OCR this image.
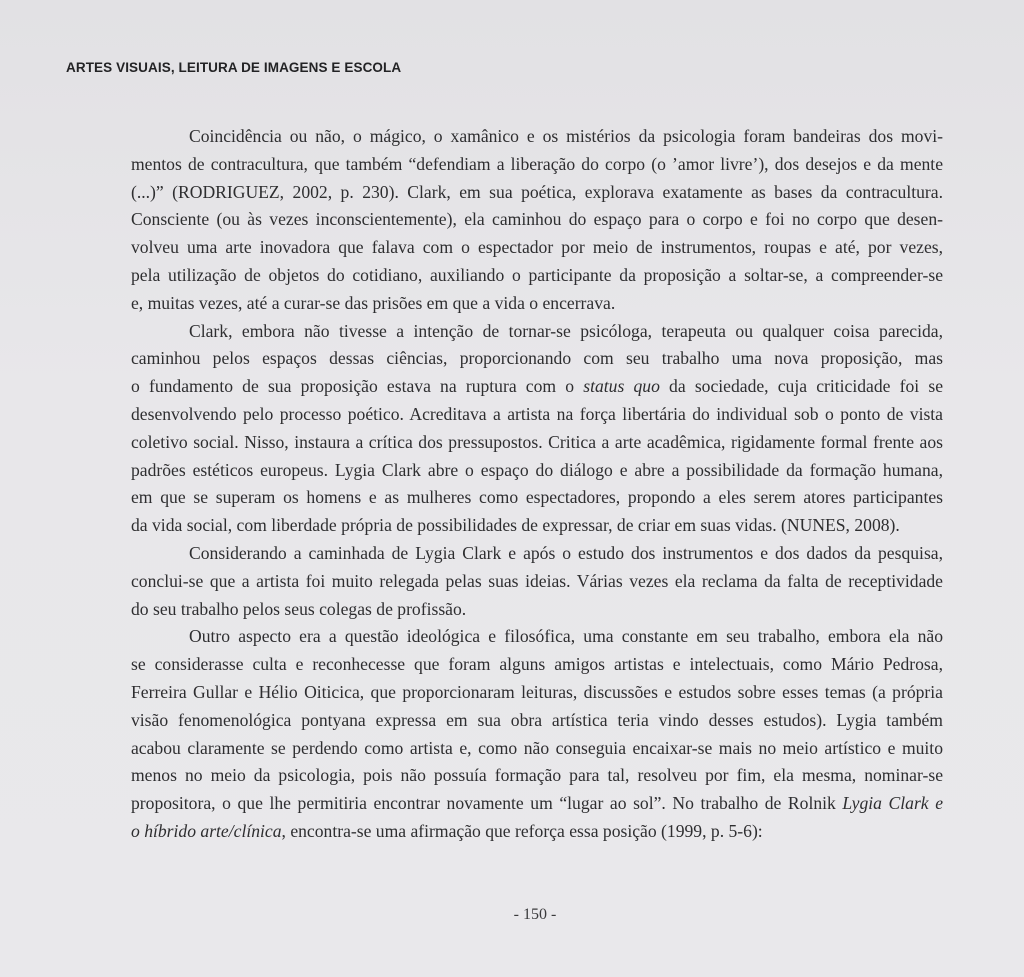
ARTES VISUAIS, LEITURA DE IMAGENS E ESCOLA
Coincidência ou não, o mágico, o xamânico e os mistérios da psicologia foram bandeiras dos movi-
mentos de contracultura, que também “defendiam a liberação do corpo (o ’amor livre’), dos desejos e da mente
(...)” (RODRIGUEZ, 2002, p. 230). Clark, em sua poética, explorava exatamente as bases da contracultura.
Consciente (ou às vezes inconscientemente), ela caminhou do espaço para o corpo e foi no corpo que desen-
volveu uma arte inovadora que falava com o espectador por meio de instrumentos, roupas e até, por vezes,
pela utilização de objetos do cotidiano, auxiliando o participante da proposição a soltar-se, a compreender-se
e, muitas vezes, até a curar-se das prisões em que a vida o encerrava.
Clark, embora não tivesse a intenção de tornar-se psicóloga, terapeuta ou qualquer coisa parecida,
caminhou pelos espaços dessas ciências, proporcionando com seu trabalho uma nova proposição, mas
o fundamento de sua proposição estava na ruptura com o status quo da sociedade, cuja criticidade foi se
desenvolvendo pelo processo poético. Acreditava a artista na força libertária do individual sob o ponto de vista
coletivo social. Nisso, instaura a crítica dos pressupostos. Critica a arte acadêmica, rigidamente formal frente aos
padrões estéticos europeus. Lygia Clark abre o espaço do diálogo e abre a possibilidade da formação humana,
em que se superam os homens e as mulheres como espectadores, propondo a eles serem atores participantes
da vida social, com liberdade própria de possibilidades de expressar, de criar em suas vidas. (NUNES, 2008).
Considerando a caminhada de Lygia Clark e após o estudo dos instrumentos e dos dados da pesquisa,
conclui-se que a artista foi muito relegada pelas suas ideias. Várias vezes ela reclama da falta de receptividade
do seu trabalho pelos seus colegas de profissão.
Outro aspecto era a questão ideológica e filosófica, uma constante em seu trabalho, embora ela não
se considerasse culta e reconhecesse que foram alguns amigos artistas e intelectuais, como Mário Pedrosa,
Ferreira Gullar e Hélio Oiticica, que proporcionaram leituras, discussões e estudos sobre esses temas (a própria
visão fenomenológica pontyana expressa em sua obra artística teria vindo desses estudos). Lygia também
acabou claramente se perdendo como artista e, como não conseguia encaixar-se mais no meio artístico e muito
menos no meio da psicologia, pois não possuía formação para tal, resolveu por fim, ela mesma, nominar-se
propositora, o que lhe permitiria encontrar novamente um “lugar ao sol”. No trabalho de Rolnik Lygia Clark e
o híbrido arte/clínica, encontra-se uma afirmação que reforça essa posição (1999, p. 5-6):
- 150 -
